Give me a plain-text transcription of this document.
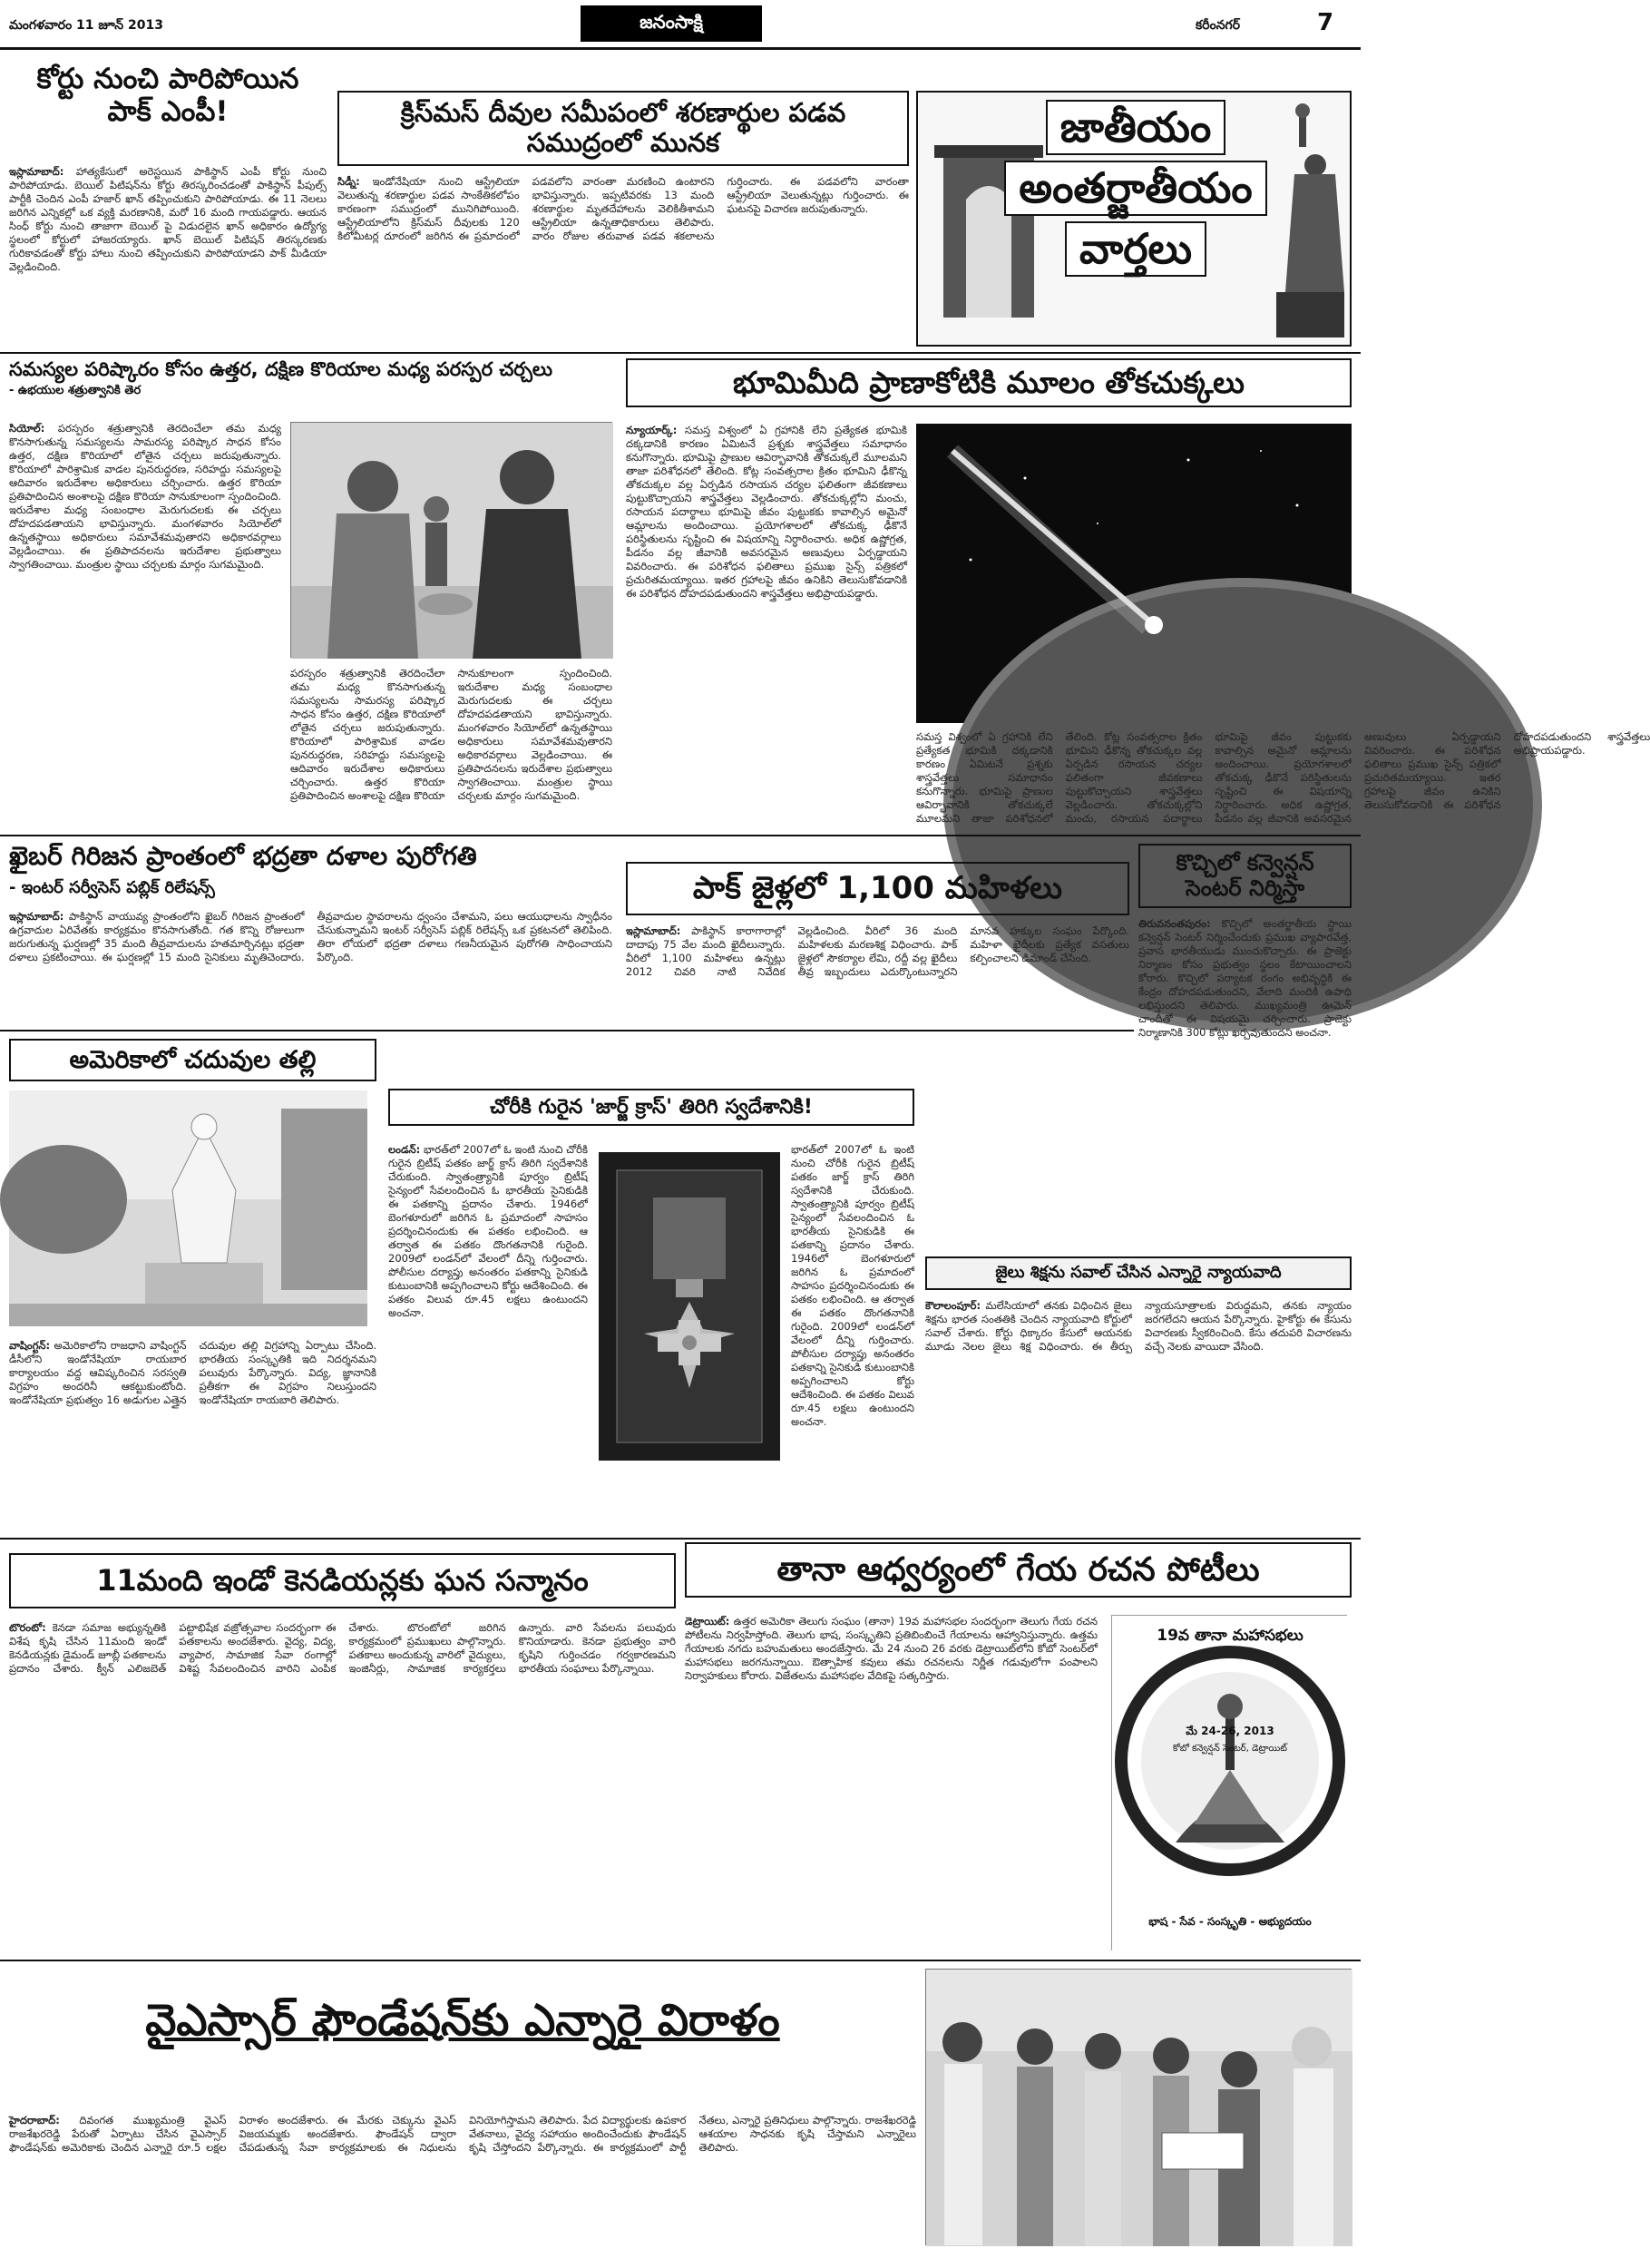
మంగళవారం 11 జూన్ 2013	జనంసాక్షి	కరీంనగర్	7
కోర్టు నుంచి పారిపోయిన పాక్‌ ఎంపీ!
ఇస్లామాబాద్‌: హాత్యకేసులో అరెస్టయిన పాకిస్థాన్‌ ఎంపీ కోర్టు నుంచి పారిపోయాడు. బెయిల్‌ పిటిషన్‌ను కోర్టు తిరస్కరించడంతో పాకిస్థాన్‌ పీపుల్స్‌ పార్టీకి చెందిన ఎంపీ హజార్‌ ఖాన్‌ తప్పించుకుని పారిపోయాడు. ఈ 11 నెలలు జరిగిన ఎన్నికల్లో ఒక వ్యక్తి మరణానికి, మరో 16 మంది గాయపడ్డారు. ఆయన సింధ్‌ కోర్టు నుంచి తాజాగా బెయిల్‌ పై విడుదలైన ఖాన్‌ అధికారం ఉద్యోగ్య స్థలంలో కోర్టులో హాజరయ్యారు. ఖాన్‌ బెయిల్‌ పిటిషన్‌ తిరస్కరణకు గురికావడంతో కోర్టు హాలు నుంచి తప్పించుకుని పారిపోయాడని పాక్‌ మీడియా వెల్లడించింది.
క్రిస్‌మస్‌ దీవుల సమీపంలో శరణార్థుల పడవ సముద్రంలో మునక
సిడ్నీ: ఇండోనేషియా నుంచి ఆస్ట్రేలియా వెలుతున్న శరణార్థుల పడవ సాంకేతికలోపం కారణంగా సముద్రంలో మునిగిపోయింది. ఆస్ట్రేలియాలోని క్రిస్‌మస్‌ దీవులకు 120 కిలోమీటర్ల దూరంలో జరిగిన ఈ ప్రమాదంలో పడవలోని వారంతా మరణించి ఉంటారని భావిస్తున్నారు. ఇప్పటివరకు 13 మంది శరణార్థుల మృతదేహాలను వెలికితీశామని ఆస్ట్రేలియా ఉన్నతాధికారులు తెలిపారు. వారం రోజుల తరువాత పడవ శకలాలను గుర్తించారు. ఈ పడవలోని వారంతా ఆస్ట్రేలియా వెలుతున్నట్లు గుర్తించారు. ఈ ఘటనపై విచారణ జరుపుతున్నారు.
జాతీయం అంతర్జాతీయం వార్తలు
సమస్యల పరిష్కారం కోసం ఉత్తర, దక్షిణ కొరియాల మధ్య పరస్పర చర్చలు
- ఉభయుల శత్రుత్వానికి తెర
సియోల్‌: పరస్పరం శత్రుత్వానికి తెరదించేలా తమ మధ్య కొనసాగుతున్న సమస్యలను సామరస్య పరిష్కార సాధన కోసం ఉత్తర, దక్షిణ కొరియాలో లోతైన చర్చలు జరుపుతున్నారు. కొరియాలో పారిశ్రామిక వాడల పునరుద్ధరణ, సరిహద్దు సమస్యలపై ఆదివారం ఇరుదేశాల అధికారులు చర్చించారు. ఉత్తర కొరియా ప్రతిపాదించిన అంశాలపై దక్షిణ కొరియా సానుకూలంగా స్పందించింది. ఇరుదేశాల మధ్య సంబంధాల మెరుగుదలకు ఈ చర్చలు దోహదపడతాయని భావిస్తున్నారు. మంగళవారం సియోల్‌లో ఉన్నతస్థాయి అధికారులు సమావేశమవుతారని అధికారవర్గాలు వెల్లడించాయి. ఈ ప్రతిపాదనలను ఇరుదేశాల ప్రభుత్వాలు స్వాగతించాయి. మంత్రుల స్థాయి చర్చలకు మార్గం సుగమమైంది.
పరస్పరం శత్రుత్వానికి తెరదించేలా తమ మధ్య కొనసాగుతున్న సమస్యలను సామరస్య పరిష్కార సాధన కోసం ఉత్తర, దక్షిణ కొరియాలో లోతైన చర్చలు జరుపుతున్నారు. కొరియాలో పారిశ్రామిక వాడల పునరుద్ధరణ, సరిహద్దు సమస్యలపై ఆదివారం ఇరుదేశాల అధికారులు చర్చించారు. ఉత్తర కొరియా ప్రతిపాదించిన అంశాలపై దక్షిణ కొరియా సానుకూలంగా స్పందించింది. ఇరుదేశాల మధ్య సంబంధాల మెరుగుదలకు ఈ చర్చలు దోహదపడతాయని భావిస్తున్నారు. మంగళవారం సియోల్‌లో ఉన్నతస్థాయి అధికారులు సమావేశమవుతారని అధికారవర్గాలు వెల్లడించాయి. ఈ ప్రతిపాదనలను ఇరుదేశాల ప్రభుత్వాలు స్వాగతించాయి. మంత్రుల స్థాయి చర్చలకు మార్గం సుగమమైంది.
భూమిమీది ప్రాణాకోటికి మూలం తోకచుక్కలు
న్యూయార్క్‌: సమస్త విశ్వంలో ఏ గ్రహానికి లేని ప్రత్యేకత భూమికి దక్కడానికి కారణం ఏమిటనే ప్రశ్నకు శాస్త్రవేత్తలు సమాధానం కనుగొన్నారు. భూమిపై ప్రాణుల ఆవిర్భావానికి తోకచుక్కలే మూలమని తాజా పరిశోధనలో తేలింది. కోట్ల సంవత్సరాల క్రితం భూమిని ఢీకొన్న తోకచుక్కల వల్ల ఏర్పడిన రసాయన చర్యల ఫలితంగా జీవకణాలు పుట్టుకొచ్చాయని శాస్త్రవేత్తలు వెల్లడించారు. తోకచుక్కల్లోని మంచు, రసాయన పదార్థాలు భూమిపై జీవం పుట్టుకకు కావాల్సిన అమైనో ఆమ్లాలను అందించాయి. ప్రయోగశాలలో తోకచుక్క ఢీకొనే పరిస్థితులను సృష్టించి ఈ విషయాన్ని నిర్ధారించారు. అధిక ఉష్ణోగ్రత, పీడనం వల్ల జీవానికి అవసరమైన అణువులు ఏర్పడ్డాయని వివరించారు. ఈ పరిశోధన ఫలితాలు ప్రముఖ సైన్స్‌ పత్రికలో ప్రచురితమయ్యాయి. ఇతర గ్రహాలపై జీవం ఉనికిని తెలుసుకోవడానికి ఈ పరిశోధన దోహదపడుతుందని శాస్త్రవేత్తలు అభిప్రాయపడ్డారు.
సమస్త విశ్వంలో ఏ గ్రహానికి లేని ప్రత్యేకత భూమికి దక్కడానికి కారణం ఏమిటనే ప్రశ్నకు శాస్త్రవేత్తలు సమాధానం కనుగొన్నారు. భూమిపై ప్రాణుల ఆవిర్భావానికి తోకచుక్కలే మూలమని తాజా పరిశోధనలో తేలింది. కోట్ల సంవత్సరాల క్రితం భూమిని ఢీకొన్న తోకచుక్కల వల్ల ఏర్పడిన రసాయన చర్యల ఫలితంగా జీవకణాలు పుట్టుకొచ్చాయని శాస్త్రవేత్తలు వెల్లడించారు. తోకచుక్కల్లోని మంచు, రసాయన పదార్థాలు భూమిపై జీవం పుట్టుకకు కావాల్సిన అమైనో ఆమ్లాలను అందించాయి. ప్రయోగశాలలో తోకచుక్క ఢీకొనే పరిస్థితులను సృష్టించి ఈ విషయాన్ని నిర్ధారించారు. అధిక ఉష్ణోగ్రత, పీడనం వల్ల జీవానికి అవసరమైన అణువులు ఏర్పడ్డాయని వివరించారు. ఈ పరిశోధన ఫలితాలు ప్రముఖ సైన్స్‌ పత్రికలో ప్రచురితమయ్యాయి. ఇతర గ్రహాలపై జీవం ఉనికిని తెలుసుకోవడానికి ఈ పరిశోధన దోహదపడుతుందని శాస్త్రవేత్తలు అభిప్రాయపడ్డారు.
ఖైబర్‌ గిరిజన ప్రాంతంలో భద్రతా దళాల పురోగతి
- ఇంటర్‌ సర్వీసెస్‌ పబ్లిక్‌ రిలేషన్స్‌
ఇస్లామాబాద్‌: పాకిస్థాన్‌ వాయువ్య ప్రాంతంలోని ఖైబర్‌ గిరిజన ప్రాంతంలో ఉగ్రవాదుల ఏరివేతకు కార్యక్రమం కొనసాగుతోంది. గత కొన్ని రోజులుగా జరుగుతున్న ఘర్షణల్లో 35 మంది తీవ్రవాదులను హతమార్చినట్లు భద్రతా దళాలు ప్రకటించాయి. ఈ ఘర్షణల్లో 15 మంది సైనికులు మృతిచెందారు. తీవ్రవాదుల స్థావరాలను ధ్వంసం చేశామని, పలు ఆయుధాలను స్వాధీనం చేసుకున్నామని ఇంటర్‌ సర్వీసెస్‌ పబ్లిక్‌ రిలేషన్స్‌ ఒక ప్రకటనలో తెలిపింది. తిరా లోయలో భద్రతా దళాలు గణనీయమైన పురోగతి సాధించాయని పేర్కొంది.
పాక్‌ జైళ్లలో 1,100 మహిళలు
ఇస్లామాబాద్‌: పాకిస్థాన్‌ కారాగారాల్లో దాదాపు 75 వేల మంది ఖైదీలున్నారు. వీరిలో 1,100 మహిళలు ఉన్నట్లు 2012 చివరి నాటి నివేదిక వెల్లడించింది. వీరిలో 36 మంది మహిళలకు మరణశిక్ష విధించారు. పాక్‌ జైళ్లలో సౌకర్యాల లేమి, రద్దీ వల్ల ఖైదీలు తీవ్ర ఇబ్బందులు ఎదుర్కొంటున్నారని మానవ హక్కుల సంఘం పేర్కొంది. మహిళా ఖైదీలకు ప్రత్యేక వసతులు కల్పించాలని డిమాండ్‌ చేసింది.
కొచ్చిలో కన్వెన్షన్‌ సెంటర్‌ నిర్మిస్తా
తిరువనంతపురం: కొచ్చిలో అంతర్జాతీయ స్థాయి కన్వెన్షన్‌ సెంటర్‌ నిర్మించేందుకు ప్రముఖ వ్యాపారవేత్త, ప్రవాస భారతీయుడు ముందుకొచ్చారు. ఈ ప్రాజెక్టు నిర్మాణం కోసం ప్రభుత్వం స్థలం కేటాయించాలని కోరారు. కొచ్చిలో పర్యాటక రంగం అభివృద్ధికి ఈ కేంద్రం దోహదపడుతుందని, వేలాది మందికి ఉపాధి లభిస్తుందని తెలిపారు. ముఖ్యమంత్రి ఊమెన్‌ చాందీతో ఈ విషయమై చర్చించారు. ప్రాజెక్టు నిర్మాణానికి 300 కోట్లు ఖర్చవుతుందని అంచనా.
అమెరికాలో చదువుల తల్లి
వాషింగ్టన్‌: అమెరికాలోని రాజధాని వాషింగ్టన్‌ డీసీలోని ఇండోనేషియా రాయబార కార్యాలయం వద్ద ఆవిష్కరించిన సరస్వతి విగ్రహం అందరినీ ఆకట్టుకుంటోంది. ఇండోనేషియా ప్రభుత్వం 16 అడుగుల ఎత్తైన చదువుల తల్లి విగ్రహాన్ని ఏర్పాటు చేసింది. భారతీయ సంస్కృతికి ఇది నిదర్శనమని పలువురు పేర్కొన్నారు. విద్య, జ్ఞానానికి ప్రతీకగా ఈ విగ్రహం నిలుస్తుందని ఇండోనేషియా రాయబారి తెలిపారు.
చోరీకి గురైన 'జార్జ్‌ క్రాస్‌' తిరిగి స్వదేశానికి!
లండన్‌: భారత్‌లో 2007లో ఓ ఇంటి నుంచి చోరీకి గురైన బ్రిటీష్‌ పతకం జార్జ్‌ క్రాస్‌ తిరిగి స్వదేశానికి చేరుకుంది. స్వాతంత్ర్యానికి పూర్వం బ్రిటీష్‌ సైన్యంలో సేవలందించిన ఓ భారతీయ సైనికుడికి ఈ పతకాన్ని ప్రదానం చేశారు. 1946లో బెంగళూరులో జరిగిన ఓ ప్రమాదంలో సాహసం ప్రదర్శించినందుకు ఈ పతకం లభించింది. ఆ తర్వాత ఈ పతకం దొంగతనానికి గురైంది. 2009లో లండన్‌లో వేలంలో దీన్ని గుర్తించారు. పోలీసుల దర్యాప్తు అనంతరం పతకాన్ని సైనికుడి కుటుంబానికి అప్పగించాలని కోర్టు ఆదేశించింది. ఈ పతకం విలువ రూ.45 లక్షలు ఉంటుందని అంచనా.
భారత్‌లో 2007లో ఓ ఇంటి నుంచి చోరీకి గురైన బ్రిటీష్‌ పతకం జార్జ్‌ క్రాస్‌ తిరిగి స్వదేశానికి చేరుకుంది. స్వాతంత్ర్యానికి పూర్వం బ్రిటీష్‌ సైన్యంలో సేవలందించిన ఓ భారతీయ సైనికుడికి ఈ పతకాన్ని ప్రదానం చేశారు. 1946లో బెంగళూరులో జరిగిన ఓ ప్రమాదంలో సాహసం ప్రదర్శించినందుకు ఈ పతకం లభించింది. ఆ తర్వాత ఈ పతకం దొంగతనానికి గురైంది. 2009లో లండన్‌లో వేలంలో దీన్ని గుర్తించారు. పోలీసుల దర్యాప్తు అనంతరం పతకాన్ని సైనికుడి కుటుంబానికి అప్పగించాలని కోర్టు ఆదేశించింది. ఈ పతకం విలువ రూ.45 లక్షలు ఉంటుందని అంచనా.
జైలు శిక్షను సవాల్‌ చేసిన ఎన్నారై న్యాయవాది
కౌలాలంపూర్‌: మలేసియాలో తనకు విధించిన జైలు శిక్షను భారత సంతతికి చెందిన న్యాయవాది కోర్టులో సవాల్‌ చేశారు. కోర్టు ధిక్కారం కేసులో ఆయనకు మూడు నెలల జైలు శిక్ష విధించారు. ఈ తీర్పు న్యాయసూత్రాలకు విరుద్ధమని, తనకు న్యాయం జరగలేదని ఆయన పేర్కొన్నారు. హైకోర్టు ఈ కేసును విచారణకు స్వీకరించింది. కేసు తదుపరి విచారణను వచ్చే నెలకు వాయిదా వేసింది.
11మంది ఇండో కెనడియన్లకు ఘన సన్మానం
టొరంటో: కెనడా సమాజ అభ్యున్నతికి విశేష కృషి చేసిన 11మంది ఇండో కెనడియన్లకు డైమండ్‌ జూబ్లీ పతకాలను ప్రదానం చేశారు. క్వీన్‌ ఎలిజబెత్‌ పట్టాభిషేక వజ్రోత్సవాల సందర్భంగా ఈ పతకాలను అందజేశారు. వైద్య, విద్య, వ్యాపార, సామాజిక సేవా రంగాల్లో విశిష్ట సేవలందించిన వారిని ఎంపిక చేశారు. టొరంటోలో జరిగిన కార్యక్రమంలో ప్రముఖులు పాల్గొన్నారు. పతకాలు అందుకున్న వారిలో వైద్యులు, ఇంజినీర్లు, సామాజిక కార్యకర్తలు ఉన్నారు. వారి సేవలను పలువురు కొనియాడారు. కెనడా ప్రభుత్వం వారి కృషిని గుర్తించడం గర్వకారణమని భారతీయ సంఘాలు పేర్కొన్నాయి.
తానా ఆధ్వర్యంలో గేయ రచన పోటీలు
డెట్రాయిట్‌: ఉత్తర అమెరికా తెలుగు సంఘం (తానా) 19వ మహాసభల సందర్భంగా తెలుగు గేయ రచన పోటీలను నిర్వహిస్తోంది. తెలుగు భాష, సంస్కృతిని ప్రతిబింబించే గేయాలను ఆహ్వానిస్తున్నారు. ఉత్తమ గేయాలకు నగదు బహుమతులు అందజేస్తారు. మే 24 నుంచి 26 వరకు డెట్రాయిట్‌లోని కోబో సెంటర్‌లో మహాసభలు జరగనున్నాయి. ఔత్సాహిక కవులు తమ రచనలను నిర్ణీత గడువులోగా పంపాలని నిర్వాహకులు కోరారు. విజేతలను మహాసభల వేదికపై సత్కరిస్తారు.
19వ తానా మహాసభలు
మే 24-26, 2013
కోబో కన్వెన్షన్‌ సెంటర్‌, డెట్రాయిట్‌
భాష - సేవ - సంస్కృతి - అభ్యుదయం
వైఎస్సార్‌ ఫౌండేషన్‌కు ఎన్నారై విరాళం
హైదరాబాద్‌: దివంగత ముఖ్యమంత్రి వైఎస్‌ రాజశేఖరరెడ్డి పేరుతో ఏర్పాటు చేసిన వైఎస్సార్‌ ఫౌండేషన్‌కు అమెరికాకు చెందిన ఎన్నారై రూ.5 లక్షల విరాళం అందజేశారు. ఈ మేరకు చెక్కును వైఎస్‌ విజయమ్మకు అందజేశారు. ఫౌండేషన్‌ ద్వారా చేపడుతున్న సేవా కార్యక్రమాలకు ఈ నిధులను వినియోగిస్తామని తెలిపారు. పేద విద్యార్థులకు ఉపకార వేతనాలు, వైద్య సహాయం అందించేందుకు ఫౌండేషన్‌ కృషి చేస్తోందని పేర్కొన్నారు. ఈ కార్యక్రమంలో పార్టీ నేతలు, ఎన్నారై ప్రతినిధులు పాల్గొన్నారు. రాజశేఖరరెడ్డి ఆశయాల సాధనకు కృషి చేస్తామని ఎన్నారైలు తెలిపారు.
